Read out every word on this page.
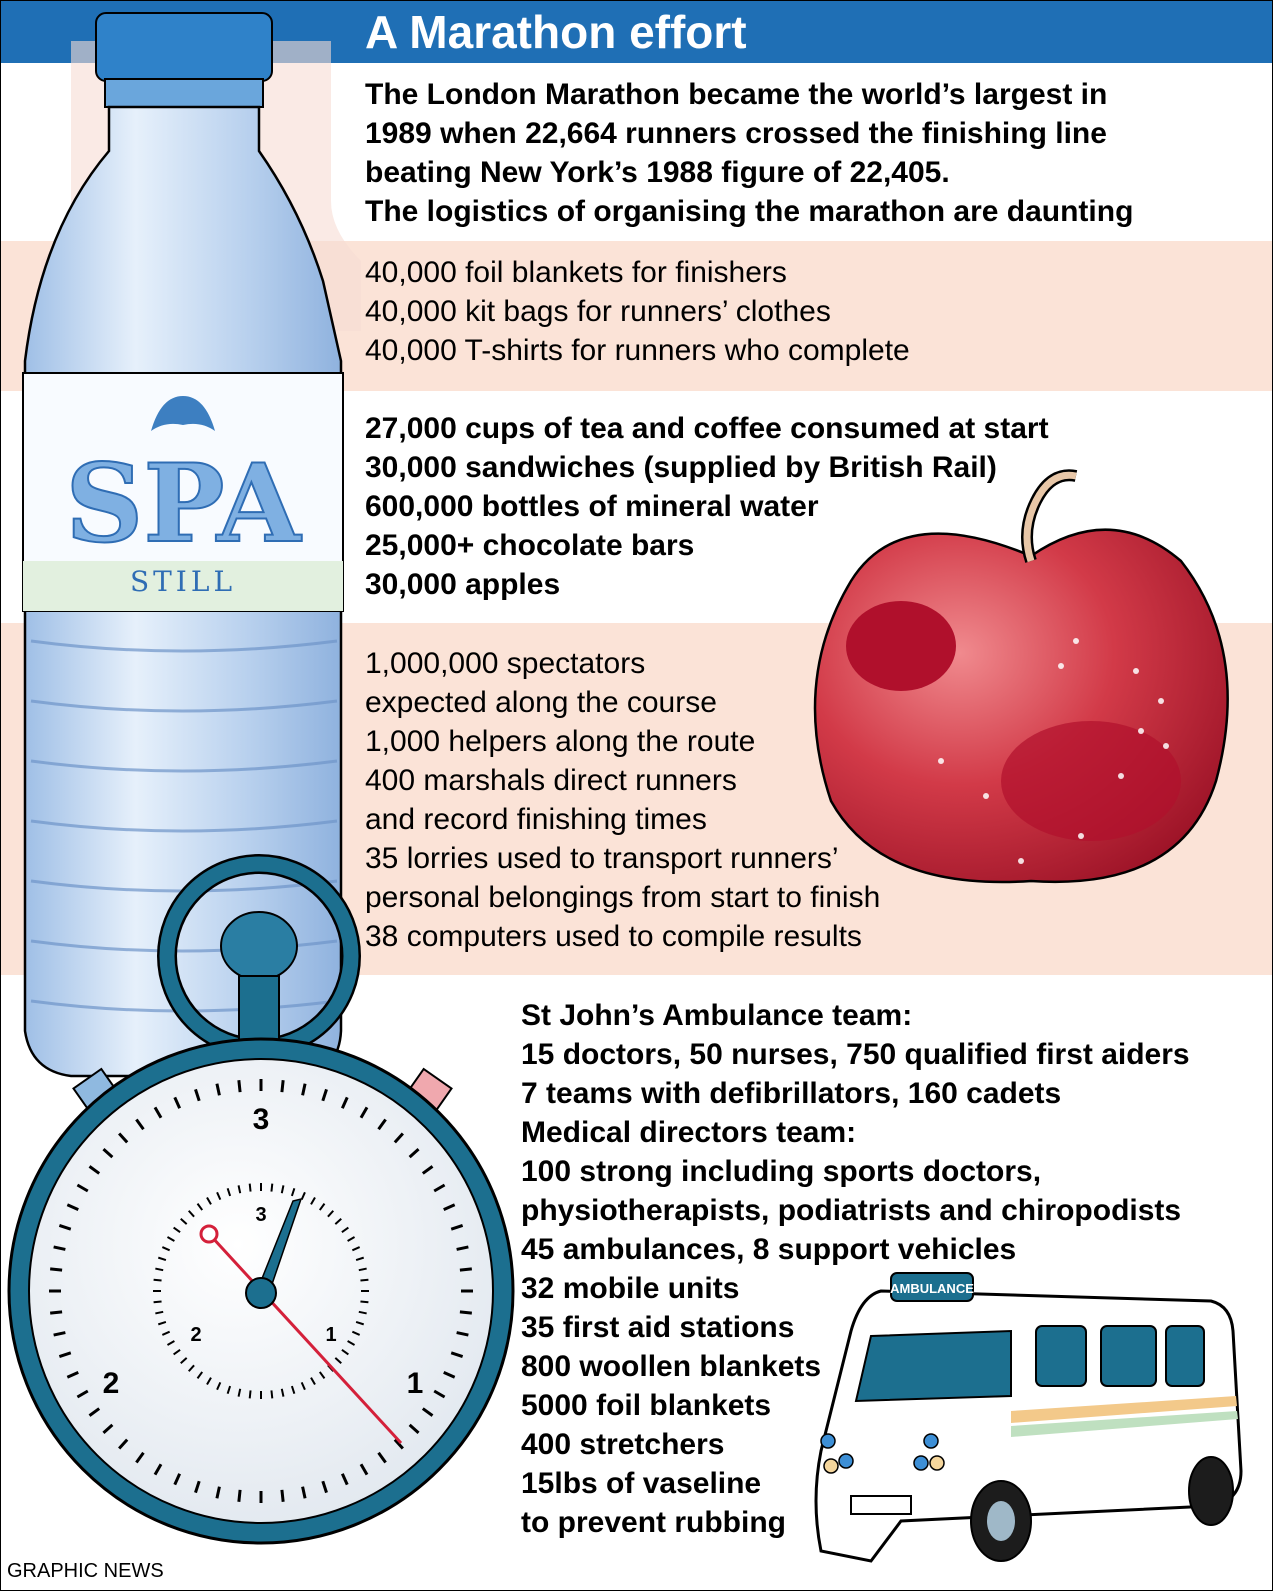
A Marathon effort
SPA
STILL
3
2	1
3
2	1
AMBULANCE
The London Marathon became the world’s largest in
1989 when 22,664 runners crossed the finishing line
beating New York’s 1988 figure of 22,405.
The logistics of organising the marathon are daunting
40,000 foil blankets for finishers
40,000 kit bags for runners’ clothes
40,000 T-shirts for runners who complete
27,000 cups of tea and coffee consumed at start
30,000 sandwiches (supplied by British Rail)
600,000 bottles of mineral water
25,000+ chocolate bars
30,000 apples
1,000,000 spectators
expected along the course
1,000 helpers along the route
400 marshals direct runners
and record finishing times
35 lorries used to transport runners’
personal belongings from start to finish
38 computers used to compile results
St John’s Ambulance team:
15 doctors, 50 nurses, 750 qualified first aiders
7 teams with defibrillators, 160 cadets
Medical directors team:
100 strong including sports doctors,
physiotherapists, podiatrists and chiropodists
45 ambulances, 8 support vehicles
32 mobile units
35 first aid stations
800 woollen blankets
5000 foil blankets
400 stretchers
15lbs of vaseline
to prevent rubbing
GRAPHIC NEWS
